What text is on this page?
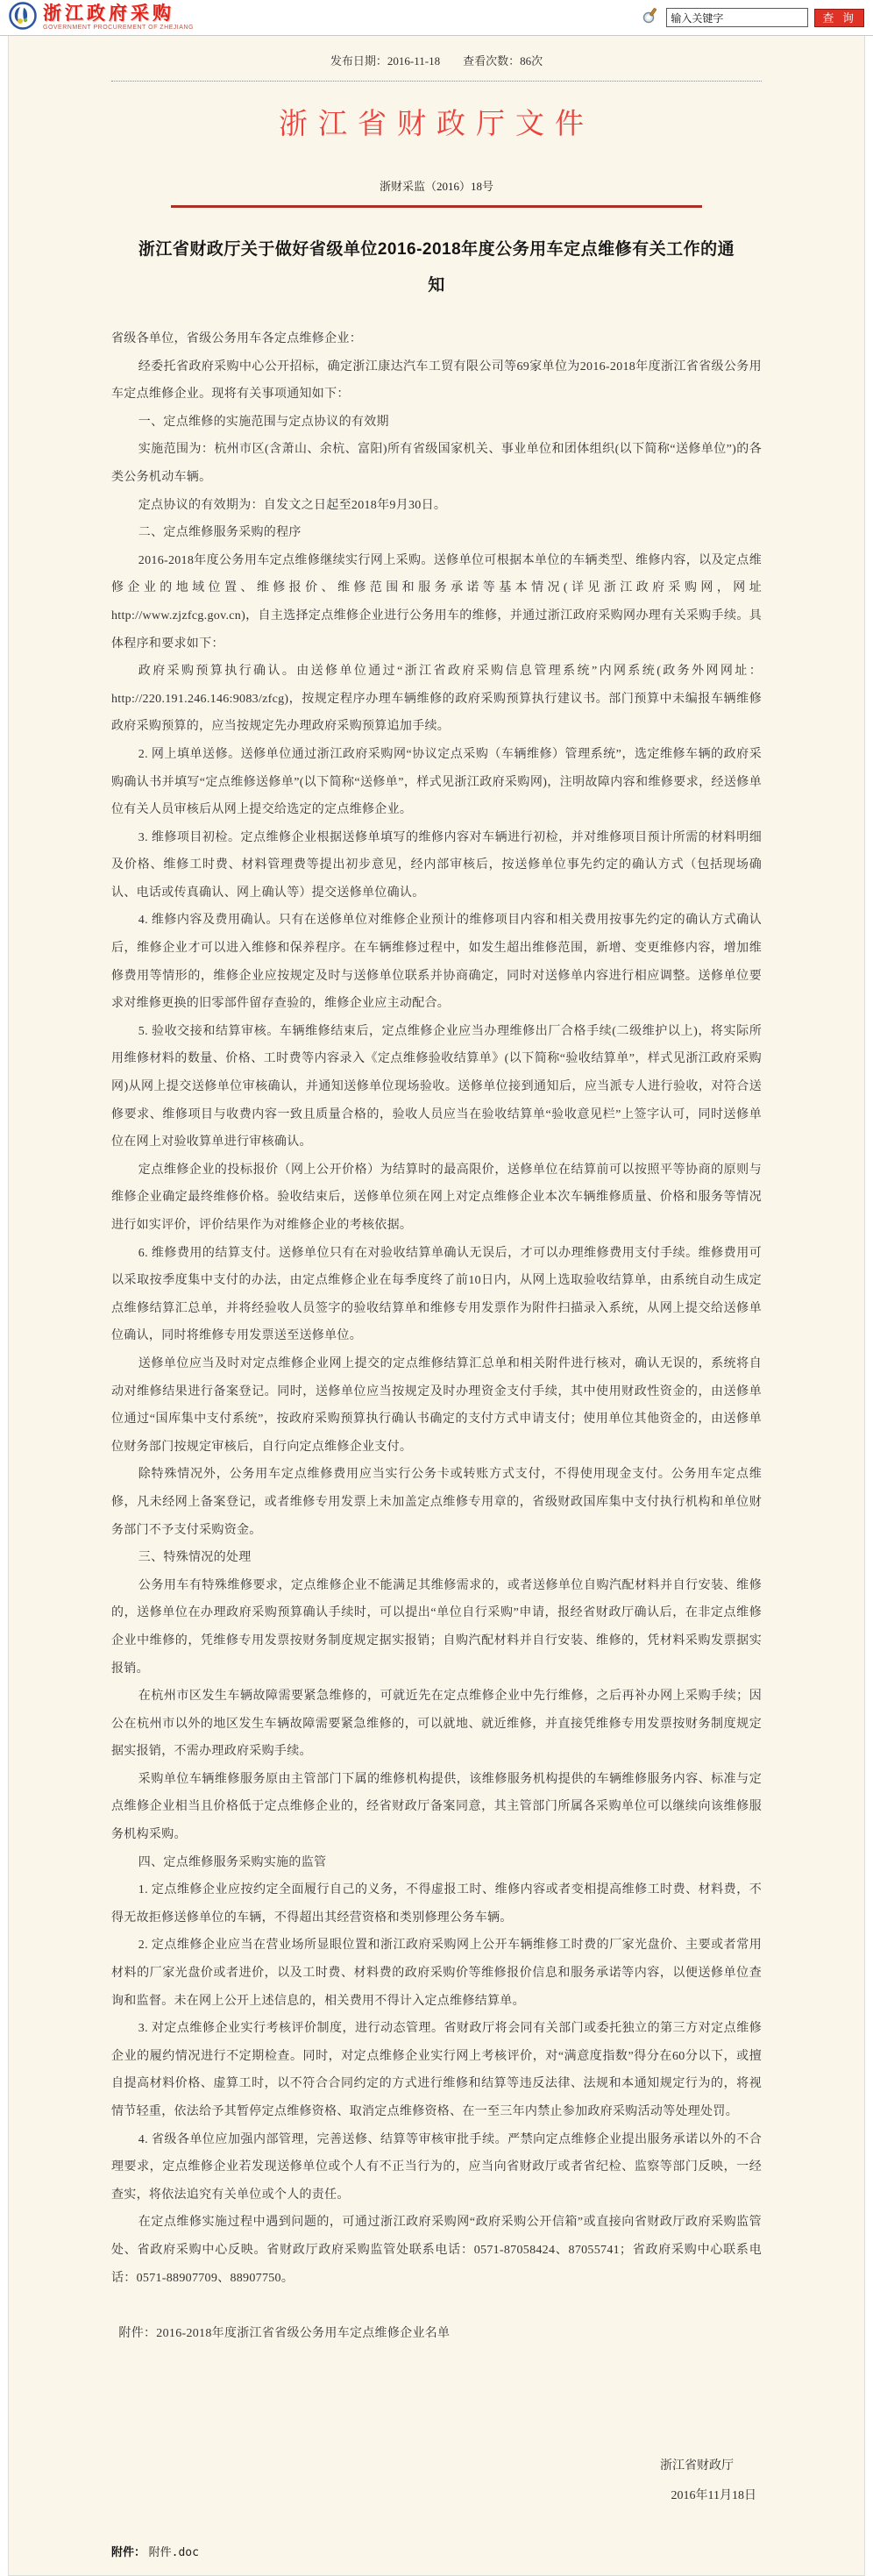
浙江政府采购
GOVERNMENT PROCUREMENT OF ZHEJIANG
输入关键字
查 询
发布日期：2016-11-18 查看次数：86次
浙江省财政厅文件
浙财采监（2016）18号
浙江省财政厅关于做好省级单位2016-2018年度公务用车定点维修有关工作的通知

省级各单位，省级公务用车各定点维修企业：

经委托省政府采购中心公开招标，确定浙江康达汽车工贸有限公司等69家单位为2016-2018年度浙江省省级公务用车定点维修企业。现将有关事项通知如下：

一、定点维修的实施范围与定点协议的有效期

实施范围为：杭州市区(含萧山、余杭、富阳)所有省级国家机关、事业单位和团体组织(以下简称“送修单位”)的各类公务机动车辆。

定点协议的有效期为：自发文之日起至2018年9月30日。

二、定点维修服务采购的程序

2016-2018年度公务用车定点维修继续实行网上采购。送修单位可根据本单位的车辆类型、维修内容，以及定点维修企业的地域位置、维修报价、维修范围和服务承诺等基本情况(详见浙江政府采购网，网址http://www.zjzfcg.gov.cn)，自主选择定点维修企业进行公务用车的维修，并通过浙江政府采购网办理有关采购手续。具体程序和要求如下：

政府采购预算执行确认。由送修单位通过“浙江省政府采购信息管理系统”内网系统(政务外网网址：http://220.191.246.146:9083/zfcg)，按规定程序办理车辆维修的政府采购预算执行建议书。部门预算中未编报车辆维修政府采购预算的，应当按规定先办理政府采购预算追加手续。

2. 网上填单送修。送修单位通过浙江政府采购网“协议定点采购（车辆维修）管理系统”，选定维修车辆的政府采购确认书并填写“定点维修送修单”(以下简称“送修单”，样式见浙江政府采购网)，注明故障内容和维修要求，经送修单位有关人员审核后从网上提交给选定的定点维修企业。

3. 维修项目初检。定点维修企业根据送修单填写的维修内容对车辆进行初检，并对维修项目预计所需的材料明细及价格、维修工时费、材料管理费等提出初步意见，经内部审核后，按送修单位事先约定的确认方式（包括现场确认、电话或传真确认、网上确认等）提交送修单位确认。

4. 维修内容及费用确认。只有在送修单位对维修企业预计的维修项目内容和相关费用按事先约定的确认方式确认后，维修企业才可以进入维修和保养程序。在车辆维修过程中，如发生超出维修范围，新增、变更维修内容，增加维修费用等情形的，维修企业应按规定及时与送修单位联系并协商确定，同时对送修单内容进行相应调整。送修单位要求对维修更换的旧零部件留存查验的，维修企业应主动配合。

5. 验收交接和结算审核。车辆维修结束后，定点维修企业应当办理维修出厂合格手续(二级维护以上)，将实际所用维修材料的数量、价格、工时费等内容录入《定点维修验收结算单》(以下简称“验收结算单”，样式见浙江政府采购网)从网上提交送修单位审核确认，并通知送修单位现场验收。送修单位接到通知后，应当派专人进行验收，对符合送修要求、维修项目与收费内容一致且质量合格的，验收人员应当在验收结算单“验收意见栏”上签字认可，同时送修单位在网上对验收算单进行审核确认。

定点维修企业的投标报价（网上公开价格）为结算时的最高限价，送修单位在结算前可以按照平等协商的原则与维修企业确定最终维修价格。验收结束后，送修单位须在网上对定点维修企业本次车辆维修质量、价格和服务等情况进行如实评价，评价结果作为对维修企业的考核依据。

6. 维修费用的结算支付。送修单位只有在对验收结算单确认无误后，才可以办理维修费用支付手续。维修费用可以采取按季度集中支付的办法，由定点维修企业在每季度终了前10日内，从网上选取验收结算单，由系统自动生成定点维修结算汇总单，并将经验收人员签字的验收结算单和维修专用发票作为附件扫描录入系统，从网上提交给送修单位确认，同时将维修专用发票送至送修单位。

送修单位应当及时对定点维修企业网上提交的定点维修结算汇总单和相关附件进行核对，确认无误的，系统将自动对维修结果进行备案登记。同时，送修单位应当按规定及时办理资金支付手续，其中使用财政性资金的，由送修单位通过“国库集中支付系统”，按政府采购预算执行确认书确定的支付方式申请支付；使用单位其他资金的，由送修单位财务部门按规定审核后，自行向定点维修企业支付。

除特殊情况外，公务用车定点维修费用应当实行公务卡或转账方式支付，不得使用现金支付。公务用车定点维修，凡未经网上备案登记，或者维修专用发票上未加盖定点维修专用章的，省级财政国库集中支付执行机构和单位财务部门不予支付采购资金。

三、特殊情况的处理

公务用车有特殊维修要求，定点维修企业不能满足其维修需求的，或者送修单位自购汽配材料并自行安装、维修的，送修单位在办理政府采购预算确认手续时，可以提出“单位自行采购”申请，报经省财政厅确认后，在非定点维修企业中维修的，凭维修专用发票按财务制度规定据实报销；自购汽配材料并自行安装、维修的，凭材料采购发票据实报销。

在杭州市区发生车辆故障需要紧急维修的，可就近先在定点维修企业中先行维修，之后再补办网上采购手续；因公在杭州市以外的地区发生车辆故障需要紧急维修的，可以就地、就近维修，并直接凭维修专用发票按财务制度规定据实报销，不需办理政府采购手续。

采购单位车辆维修服务原由主管部门下属的维修机构提供，该维修服务机构提供的车辆维修服务内容、标准与定点维修企业相当且价格低于定点维修企业的，经省财政厅备案同意，其主管部门所属各采购单位可以继续向该维修服务机构采购。

四、定点维修服务采购实施的监管

1. 定点维修企业应按约定全面履行自己的义务，不得虚报工时、维修内容或者变相提高维修工时费、材料费，不得无故拒修送修单位的车辆，不得超出其经营资格和类别修理公务车辆。

2. 定点维修企业应当在营业场所显眼位置和浙江政府采购网上公开车辆维修工时费的厂家光盘价、主要或者常用材料的厂家光盘价或者进价，以及工时费、材料费的政府采购价等维修报价信息和服务承诺等内容，以便送修单位查询和监督。未在网上公开上述信息的，相关费用不得计入定点维修结算单。

3. 对定点维修企业实行考核评价制度，进行动态管理。省财政厅将会同有关部门或委托独立的第三方对定点维修企业的履约情况进行不定期检查。同时，对定点维修企业实行网上考核评价，对“满意度指数”得分在60分以下，或擅自提高材料价格、虚算工时，以不符合合同约定的方式进行维修和结算等违反法律、法规和本通知规定行为的，将视情节轻重，依法给予其暂停定点维修资格、取消定点维修资格、在一至三年内禁止参加政府采购活动等处理处罚。

4. 省级各单位应加强内部管理，完善送修、结算等审核审批手续。严禁向定点维修企业提出服务承诺以外的不合理要求，定点维修企业若发现送修单位或个人有不正当行为的，应当向省财政厅或者省纪检、监察等部门反映，一经查实，将依法追究有关单位或个人的责任。

在定点维修实施过程中遇到问题的，可通过浙江政府采购网“政府采购公开信箱”或直接向省财政厅政府采购监管处、省政府采购中心反映。省财政厅政府采购监管处联系电话：0571-87058424、87055741；省政府采购中心联系电话：0571-88907709、88907750。

附件：2016-2018年度浙江省省级公务用车定点维修企业名单

浙江省财政厅
2016年11月18日
附件： 附件.doc
